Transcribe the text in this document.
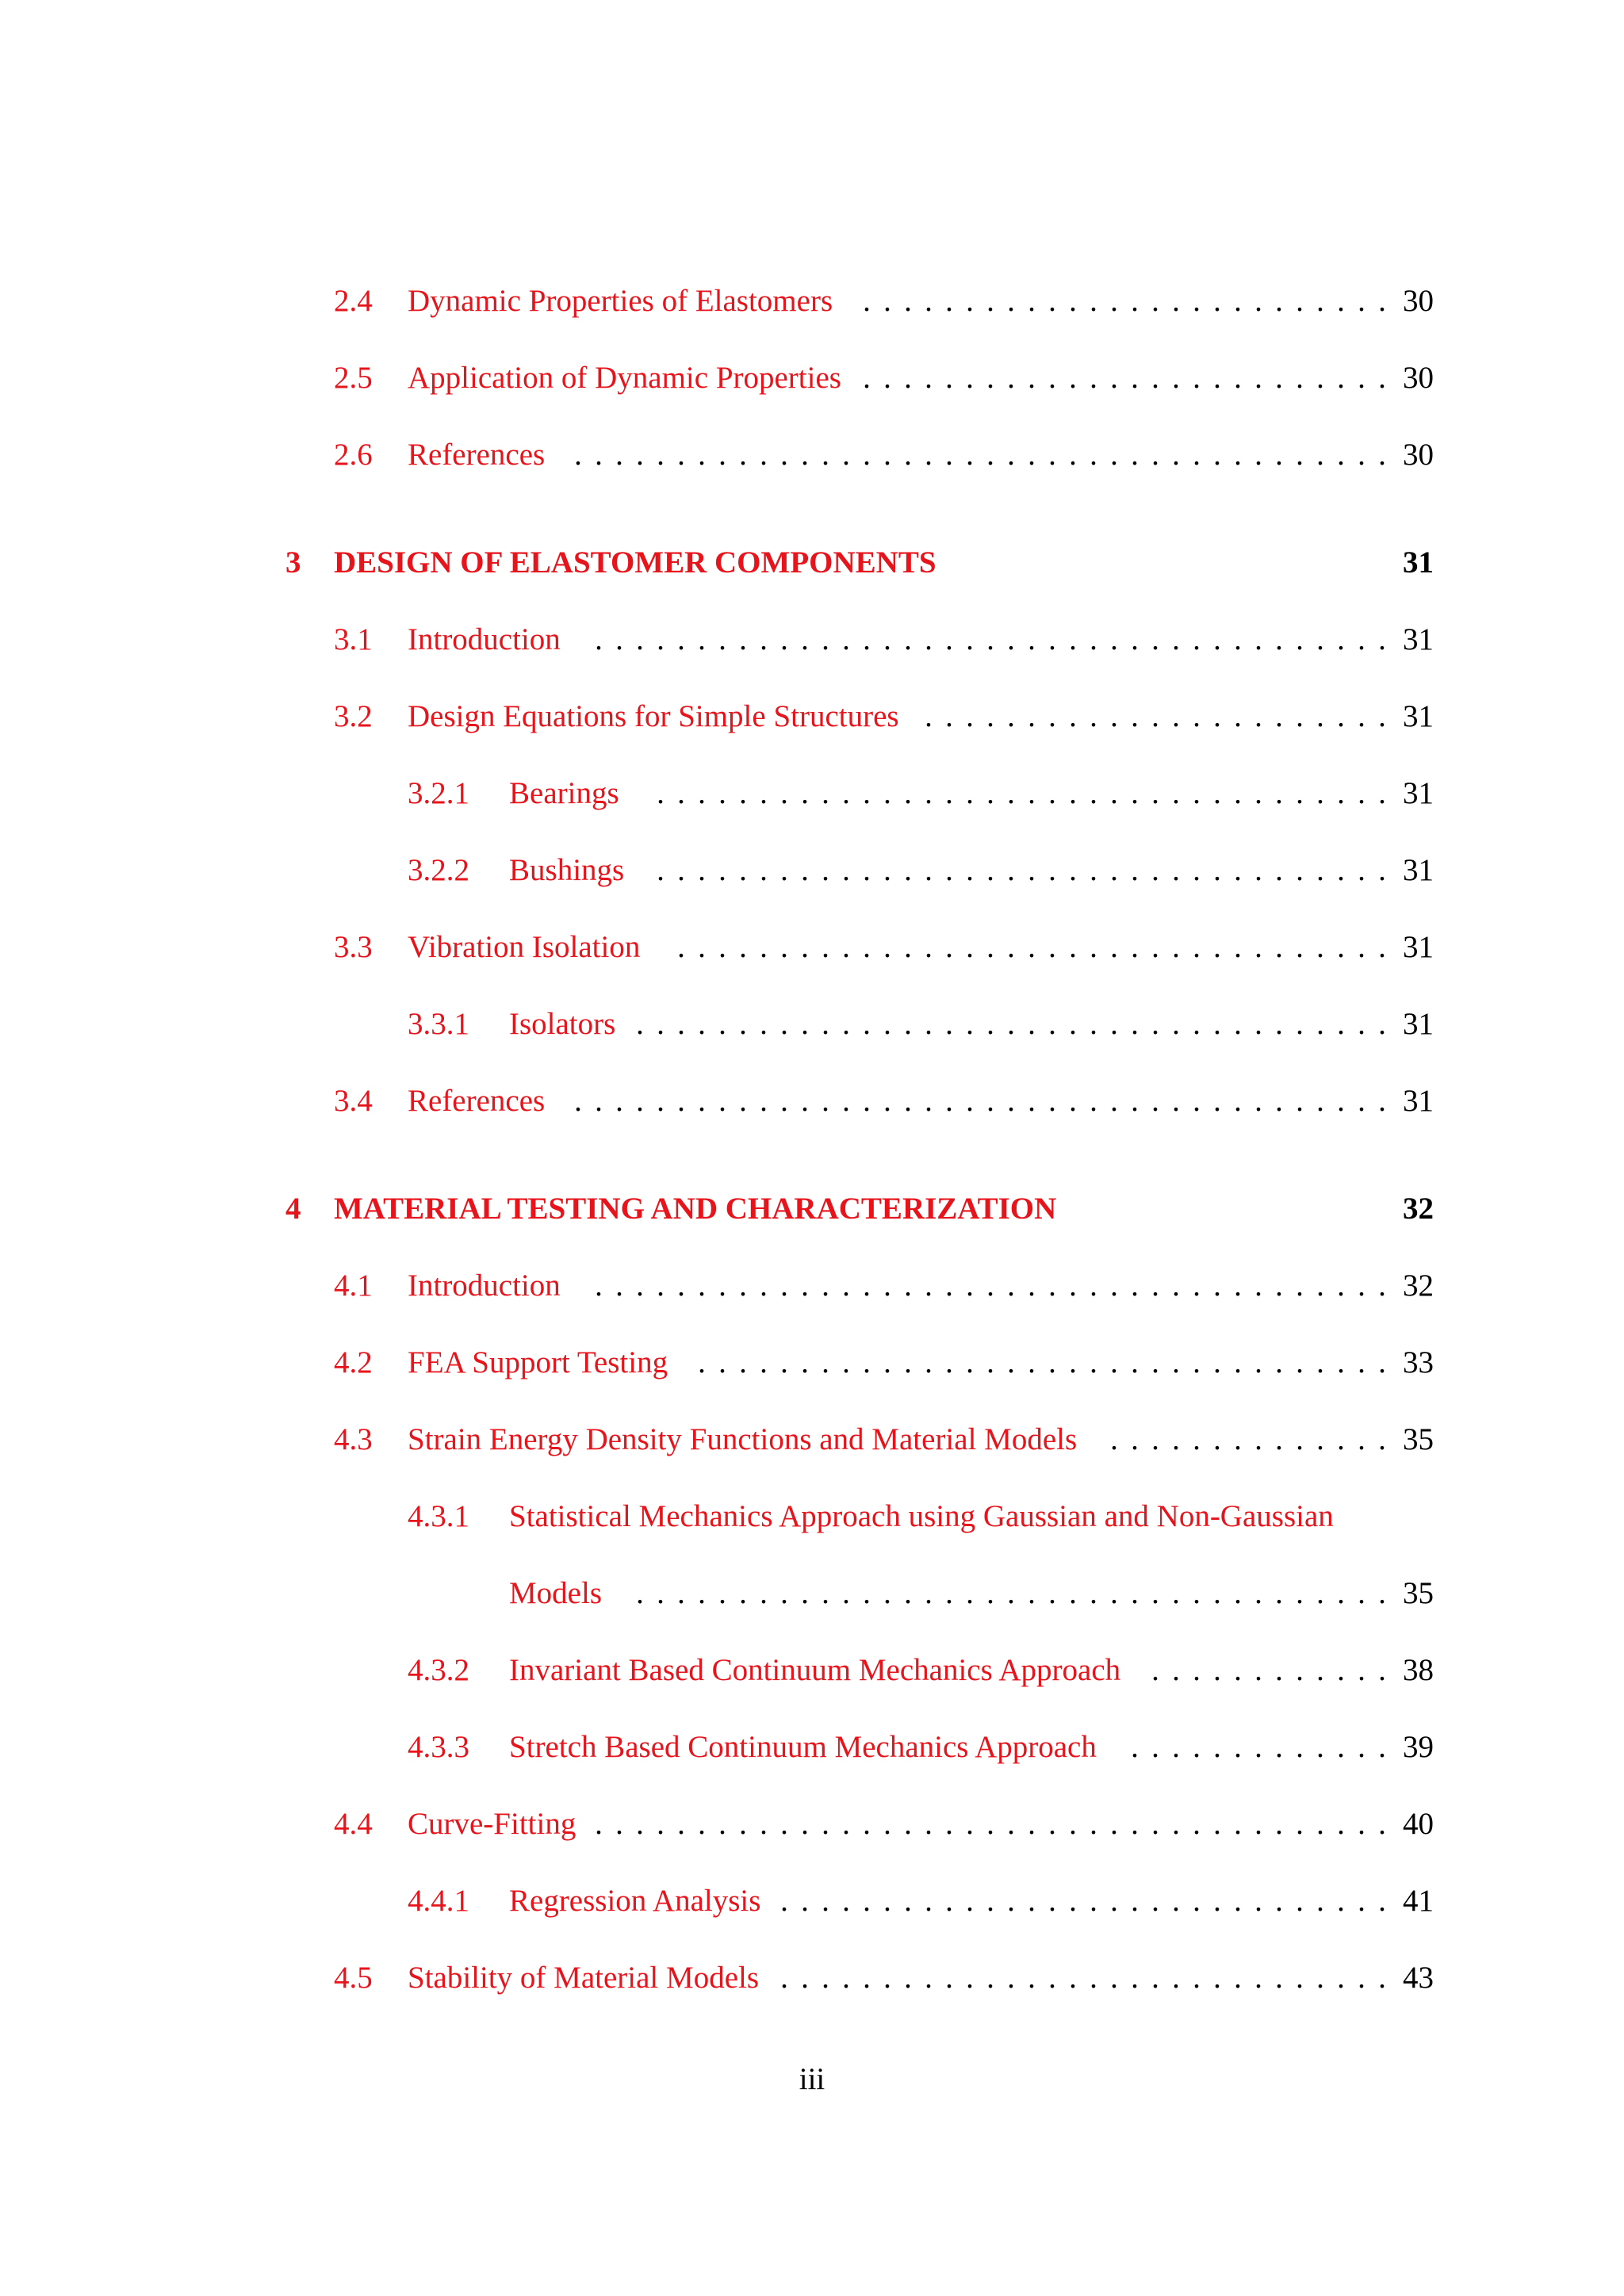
2.4 Dynamic Properties of Elastomers	30
. . . . . . . . . . . . . . . . . . . . . . . . . .
2.5 Application of Dynamic Properties	30
. . . . . . . . . . . . . . . . . . . . . . . . . .
2.6 References	30
. . . . . . . . . . . . . . . . . . . . . . . . . . . . . . . . . . . . . . . .
3 DESIGN OF ELASTOMER COMPONENTS	31
3.1 Introduction	31
. . . . . . . . . . . . . . . . . . . . . . . . . . . . . . . . . . . . . . .
3.2 Design Equations for Simple Structures	31
. . . . . . . . . . . . . . . . . . . . . . .
3.2.1 Bearings	31
. . . . . . . . . . . . . . . . . . . . . . . . . . . . . . . . . . . .
3.2.2 Bushings	31
. . . . . . . . . . . . . . . . . . . . . . . . . . . . . . . . . . . .
3.3 Vibration Isolation	31
. . . . . . . . . . . . . . . . . . . . . . . . . . . . . . . . . . .
3.3.1 Isolators	31
. . . . . . . . . . . . . . . . . . . . . . . . . . . . . . . . . . . . .
3.4 References	31
. . . . . . . . . . . . . . . . . . . . . . . . . . . . . . . . . . . . . . . .
4 MATERIAL TESTING AND CHARACTERIZATION	32
4.1 Introduction	32
. . . . . . . . . . . . . . . . . . . . . . . . . . . . . . . . . . . . . . .
4.2 FEA Support Testing	33
. . . . . . . . . . . . . . . . . . . . . . . . . . . . . . . . . .
4.3 Strain Energy Density Functions and Material Models	35
. . . . . . . . . . . . . .
4.3.1 Statistical Mechanics Approach using Gaussian and Non-Gaussian
Models	35
. . . . . . . . . . . . . . . . . . . . . . . . . . . . . . . . . . . . .
4.3.2 Invariant Based Continuum Mechanics Approach	38
. . . . . . . . . . . .
4.3.3 Stretch Based Continuum Mechanics Approach	39
. . . . . . . . . . . . .
4.4 Curve-Fitting	40
. . . . . . . . . . . . . . . . . . . . . . . . . . . . . . . . . . . . . . .
4.4.1 Regression Analysis	41
. . . . . . . . . . . . . . . . . . . . . . . . . . . . . .
4.5 Stability of Material Models	43
. . . . . . . . . . . . . . . . . . . . . . . . . . . . . .
iii
